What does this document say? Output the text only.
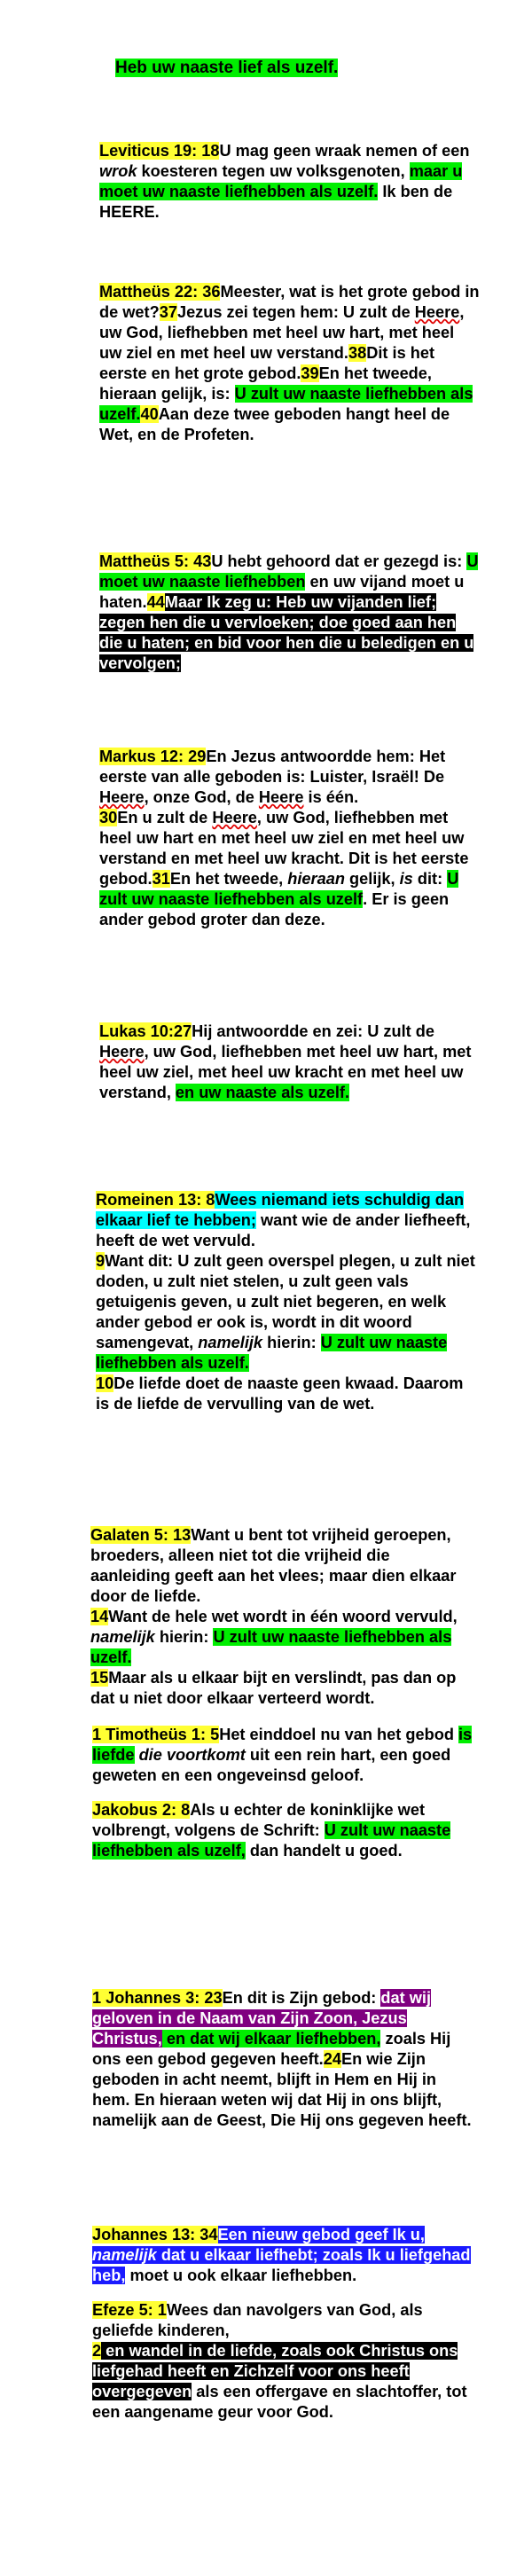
Heb uw naaste lief als uzelf.
Leviticus 19: 18U mag geen wraak nemen of een wrok koesteren tegen uw volksgenoten, maar u moet uw naaste liefhebben als uzelf. Ik ben de HEERE.
Mattheüs 22: 36Meester, wat is het grote gebod in de wet?37Jezus zei tegen hem: U zult de Heere, uw God, liefhebben met heel uw hart, met heel uw ziel en met heel uw verstand.38Dit is het eerste en het grote gebod.39En het tweede, hieraan gelijk, is: U zult uw naaste liefhebben als uzelf.40Aan deze twee geboden hangt heel de Wet, en de Profeten.
Mattheüs 5: 43U hebt gehoord dat er gezegd is: U moet uw naaste liefhebben en uw vijand moet u haten.44Maar Ik zeg u: Heb uw vijanden lief; zegen hen die u vervloeken; doe goed aan hen die u haten; en bid voor hen die u beledigen en u vervolgen;
Markus 12: 29En Jezus antwoordde hem: Het eerste van alle geboden is: Luister, Israël! De Heere, onze God, de Heere is één.
30En u zult de Heere, uw God, liefhebben met heel uw hart en met heel uw ziel en met heel uw verstand en met heel uw kracht. Dit is het eerste gebod.31En het tweede, hieraan gelijk, is dit: U zult uw naaste liefhebben als uzelf. Er is geen ander gebod groter dan deze.
Lukas 10:27Hij antwoordde en zei: U zult de Heere, uw God, liefhebben met heel uw hart, met heel uw ziel, met heel uw kracht en met heel uw verstand, en uw naaste als uzelf.
Romeinen 13: 8Wees niemand iets schuldig dan elkaar lief te hebben; want wie de ander liefheeft, heeft de wet vervuld.
9Want dit: U zult geen overspel plegen, u zult niet doden, u zult niet stelen, u zult geen vals getuigenis geven, u zult niet begeren, en welk ander gebod er ook is, wordt in dit woord samengevat, namelijk hierin: U zult uw naaste liefhebben als uzelf.
10De liefde doet de naaste geen kwaad. Daarom is de liefde de vervulling van de wet.
Galaten 5: 13Want u bent tot vrijheid geroepen, broeders, alleen niet tot die vrijheid die aanleiding geeft aan het vlees; maar dien elkaar door de liefde.
14Want de hele wet wordt in één woord vervuld, namelijk hierin: U zult uw naaste liefhebben als uzelf.
15Maar als u elkaar bijt en verslindt, pas dan op dat u niet door elkaar verteerd wordt.
1 Timotheüs 1: 5Het einddoel nu van het gebod is liefde die voortkomt uit een rein hart, een goed geweten en een ongeveinsd geloof.
Jakobus 2: 8Als u echter de koninklijke wet volbrengt, volgens de Schrift: U zult uw naaste liefhebben als uzelf, dan handelt u goed.
1 Johannes 3: 23En dit is Zijn gebod: dat wij geloven in de Naam van Zijn Zoon, Jezus Christus, en dat wij elkaar liefhebben, zoals Hij ons een gebod gegeven heeft.24En wie Zijn geboden in acht neemt, blijft in Hem en Hij in hem. En hieraan weten wij dat Hij in ons blijft, namelijk aan de Geest, Die Hij ons gegeven heeft.
Johannes 13: 34Een nieuw gebod geef Ik u, namelijk dat u elkaar liefhebt; zoals Ik u liefgehad heb, moet u ook elkaar liefhebben.
Efeze 5: 1Wees dan navolgers van God, als geliefde kinderen,
2 en wandel in de liefde, zoals ook Christus ons liefgehad heeft en Zichzelf voor ons heeft overgegeven als een offergave en slachtoffer, tot een aangename geur voor God.
